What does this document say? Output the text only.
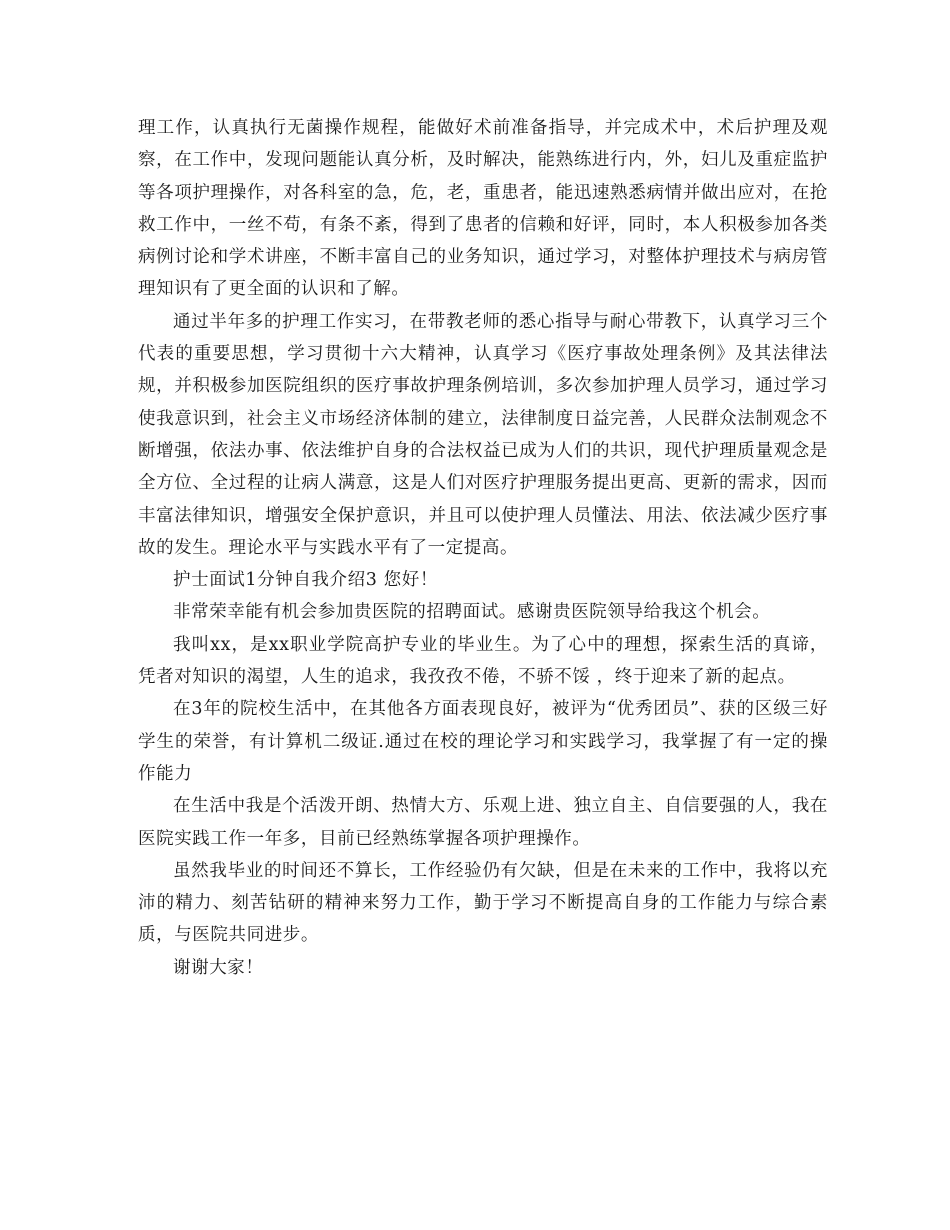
理工作，认真执行无菌操作规程，能做好术前准备指导，并完成术中，术后护理及观察，在工作中，发现问题能认真分析，及时解决，能熟练进行内，外，妇儿及重症监护等各项护理操作，对各科室的急，危，老，重患者，能迅速熟悉病情并做出应对，在抢救工作中，一丝不苟，有条不紊，得到了患者的信赖和好评，同时，本人积极参加各类病例讨论和学术讲座，不断丰富自己的业务知识，通过学习，对整体护理技术与病房管理知识有了更全面的认识和了解。

通过半年多的护理工作实习，在带教老师的悉心指导与耐心带教下，认真学习三个代表的重要思想，学习贯彻十六大精神，认真学习《医疗事故处理条例》及其法律法规，并积极参加医院组织的医疗事故护理条例培训，多次参加护理人员学习，通过学习使我意识到，社会主义市场经济体制的建立，法律制度日益完善，人民群众法制观念不断增强，依法办事、依法维护自身的合法权益已成为人们的共识，现代护理质量观念是全方位、全过程的让病人满意，这是人们对医疗护理服务提出更高、更新的需求，因而丰富法律知识，增强安全保护意识，并且可以使护理人员懂法、用法、依法减少医疗事故的发生。理论水平与实践水平有了一定提高。

护士面试1分钟自我介绍3 您好！

非常荣幸能有机会参加贵医院的招聘面试。感谢贵医院领导给我这个机会。

我叫xx，是xx职业学院高护专业的毕业生。为了心中的理想，探索生活的真谛，凭者对知识的渴望，人生的追求，我孜孜不倦，不骄不馁 ，终于迎来了新的起点。

在3年的院校生活中，在其他各方面表现良好，被评为“优秀团员”、获的区级三好学生的荣誉，有计算机二级证.通过在校的理论学习和实践学习，我掌握了有一定的操作能力

在生活中我是个活泼开朗、热情大方、乐观上进、独立自主、自信要强的人，我在医院实践工作一年多，目前已经熟练掌握各项护理操作。

虽然我毕业的时间还不算长，工作经验仍有欠缺，但是在未来的工作中，我将以充沛的精力、刻苦钻研的精神来努力工作，勤于学习不断提高自身的工作能力与综合素质，与医院共同进步。

谢谢大家！
